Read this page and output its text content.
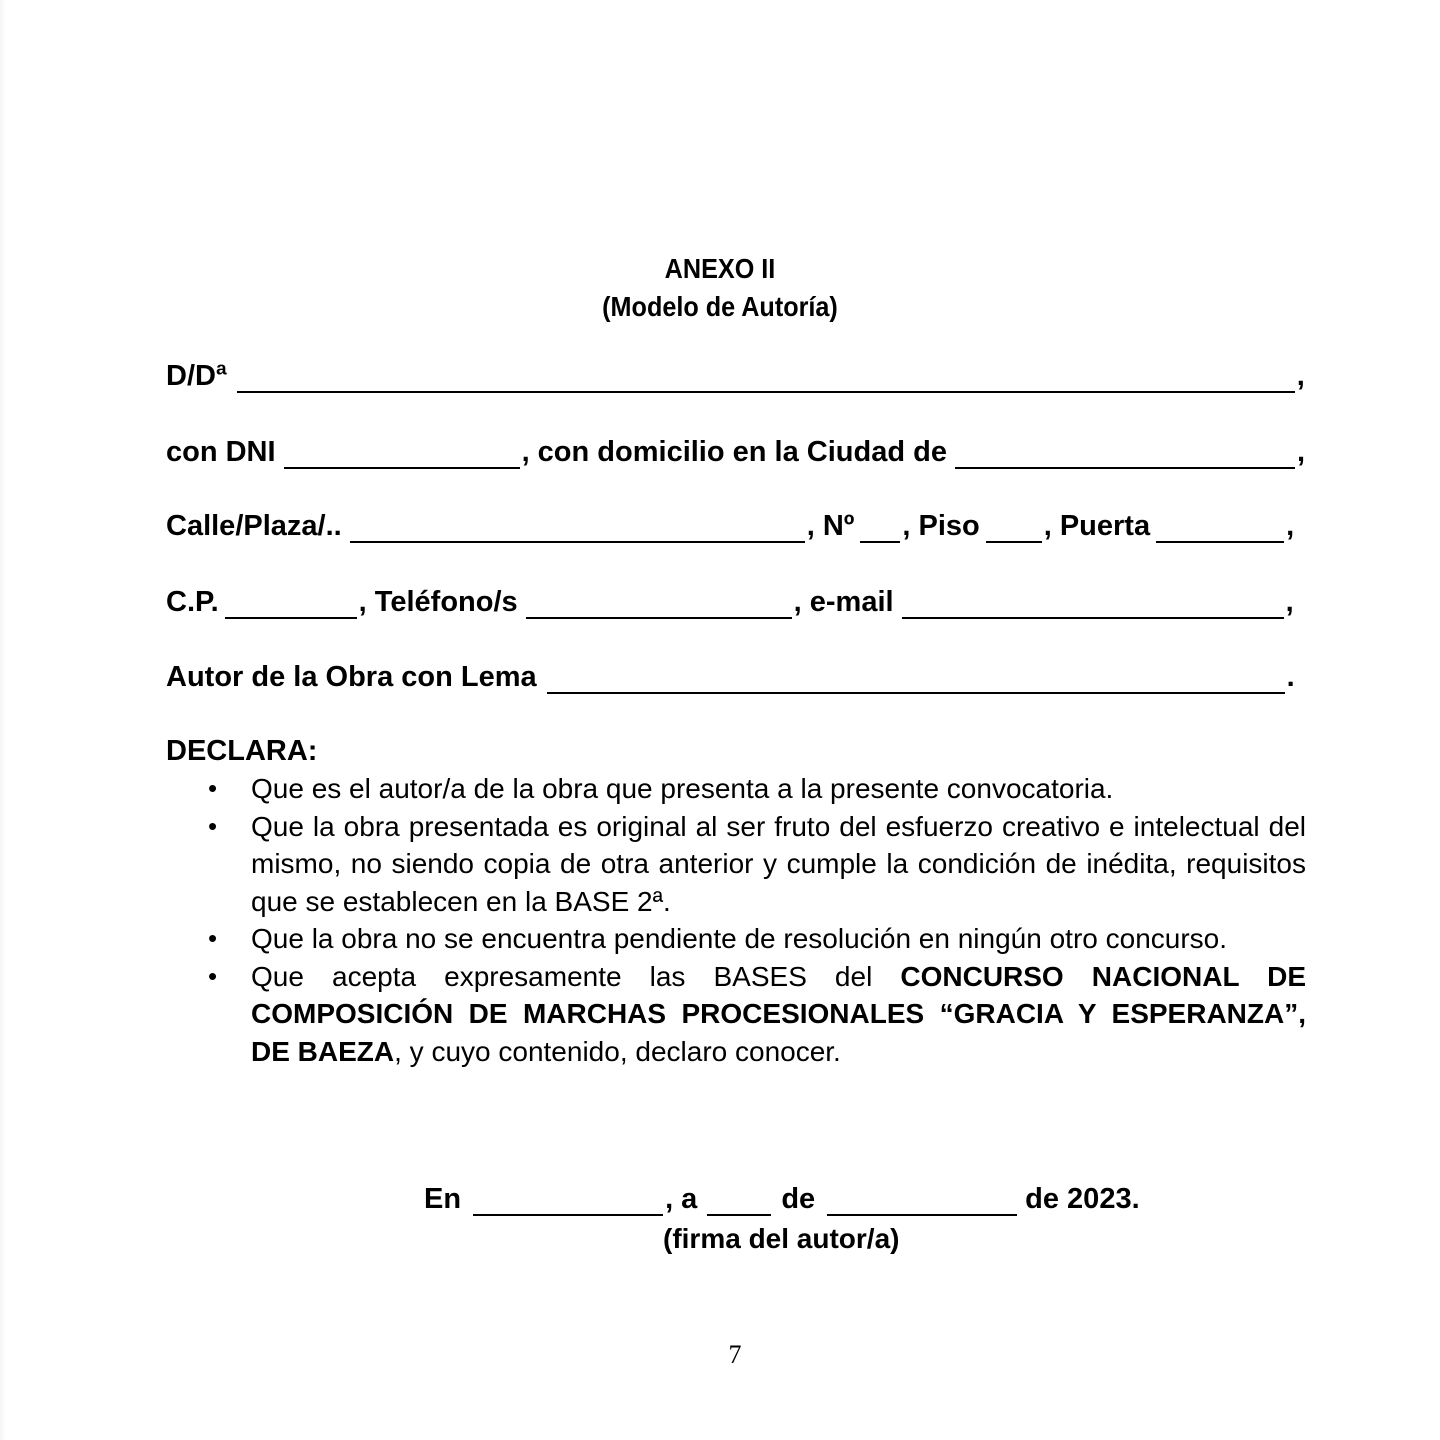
ANEXO II
(Modelo de Autoría)
D/Dª	,
con DNI	, con domicilio en la Ciudad de	,
Calle/Plaza/..	, Nº , Piso , Puerta	,
C.P.	, Teléfono/s	, e-mail	,
Autor de la Obra con Lema	.
DECLARA:
• Que es el autor/a de la obra que presenta a la presente convocatoria.
• Que la obra presentada es original al ser fruto del esfuerzo creativo e intelectual del mismo, no siendo copia de otra anterior y cumple la condición de inédita, requisitos que se establecen en la BASE 2ª.
• Que la obra no se encuentra pendiente de resolución en ningún otro concurso.
• Que acepta expresamente las BASES del CONCURSO NACIONAL DE COMPOSICIÓN DE MARCHAS PROCESIONALES “GRACIA Y ESPERANZA”, DE BAEZA, y cuyo contenido, declaro conocer.
En	, a	de	de 2023.
(firma del autor/a)
7
